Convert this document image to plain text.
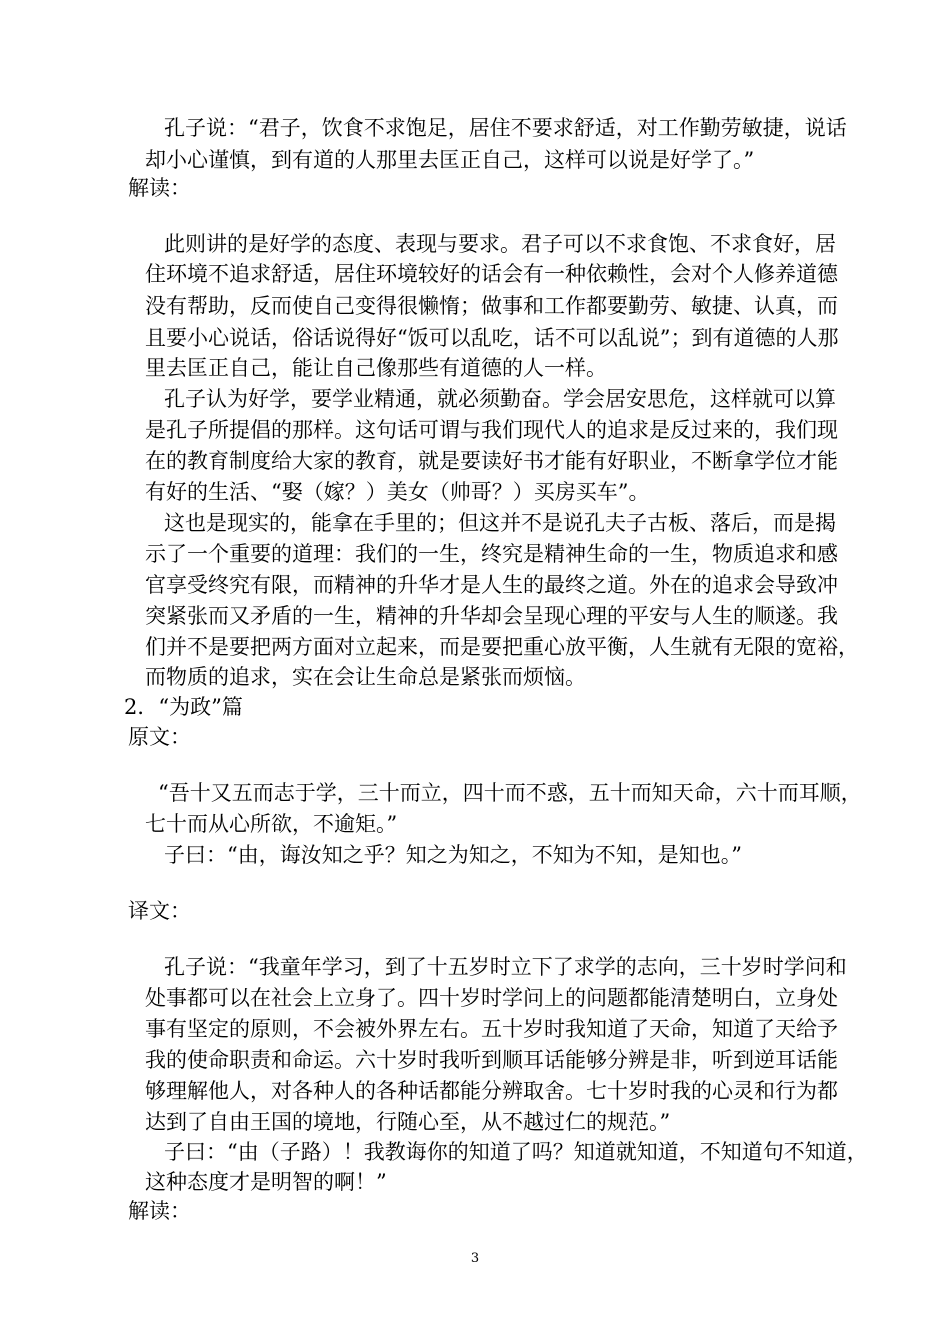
孔子说：“君子，饮食不求饱足，居住不要求舒适，对工作勤劳敏捷，说话

却小心谨慎，到有道的人那里去匡正自己，这样可以说是好学了。”

解读：

此则讲的是好学的态度、表现与要求。君子可以不求食饱、不求食好，居

住环境不追求舒适，居住环境较好的话会有一种依赖性，会对个人修养道德

没有帮助，反而使自己变得很懒惰；做事和工作都要勤劳、敏捷、认真，而

且要小心说话，俗话说得好“饭可以乱吃，话不可以乱说”；到有道德的人那

里去匡正自己，能让自己像那些有道德的人一样。

孔子认为好学，要学业精通，就必须勤奋。学会居安思危，这样就可以算

是孔子所提倡的那样。这句话可谓与我们现代人的追求是反过来的，我们现

在的教育制度给大家的教育，就是要读好书才能有好职业，不断拿学位才能

有好的生活、“娶（嫁？）美女（帅哥？）买房买车”。

这也是现实的，能拿在手里的；但这并不是说孔夫子古板、落后，而是揭

示了一个重要的道理：我们的一生，终究是精神生命的一生，物质追求和感

官享受终究有限，而精神的升华才是人生的最终之道。外在的追求会导致冲

突紧张而又矛盾的一生，精神的升华却会呈现心理的平安与人生的顺遂。我

们并不是要把两方面对立起来，而是要把重心放平衡，人生就有无限的宽裕，

而物质的追求，实在会让生命总是紧张而烦恼。

2．“为政”篇

原文：

“吾十又五而志于学，三十而立，四十而不惑，五十而知天命，六十而耳顺，

七十而从心所欲，不逾矩。”

子曰：“由，诲汝知之乎？知之为知之，不知为不知，是知也。”

译文：

孔子说：“我童年学习，到了十五岁时立下了求学的志向，三十岁时学问和

处事都可以在社会上立身了。四十岁时学问上的问题都能清楚明白，立身处

事有坚定的原则，不会被外界左右。五十岁时我知道了天命，知道了天给予

我的使命职责和命运。六十岁时我听到顺耳话能够分辨是非，听到逆耳话能

够理解他人，对各种人的各种话都能分辨取舍。七十岁时我的心灵和行为都

达到了自由王国的境地，行随心至，从不越过仁的规范。”

子曰：“由（子路）！我教诲你的知道了吗？知道就知道，不知道句不知道，

这种态度才是明智的啊！”

解读：

3
